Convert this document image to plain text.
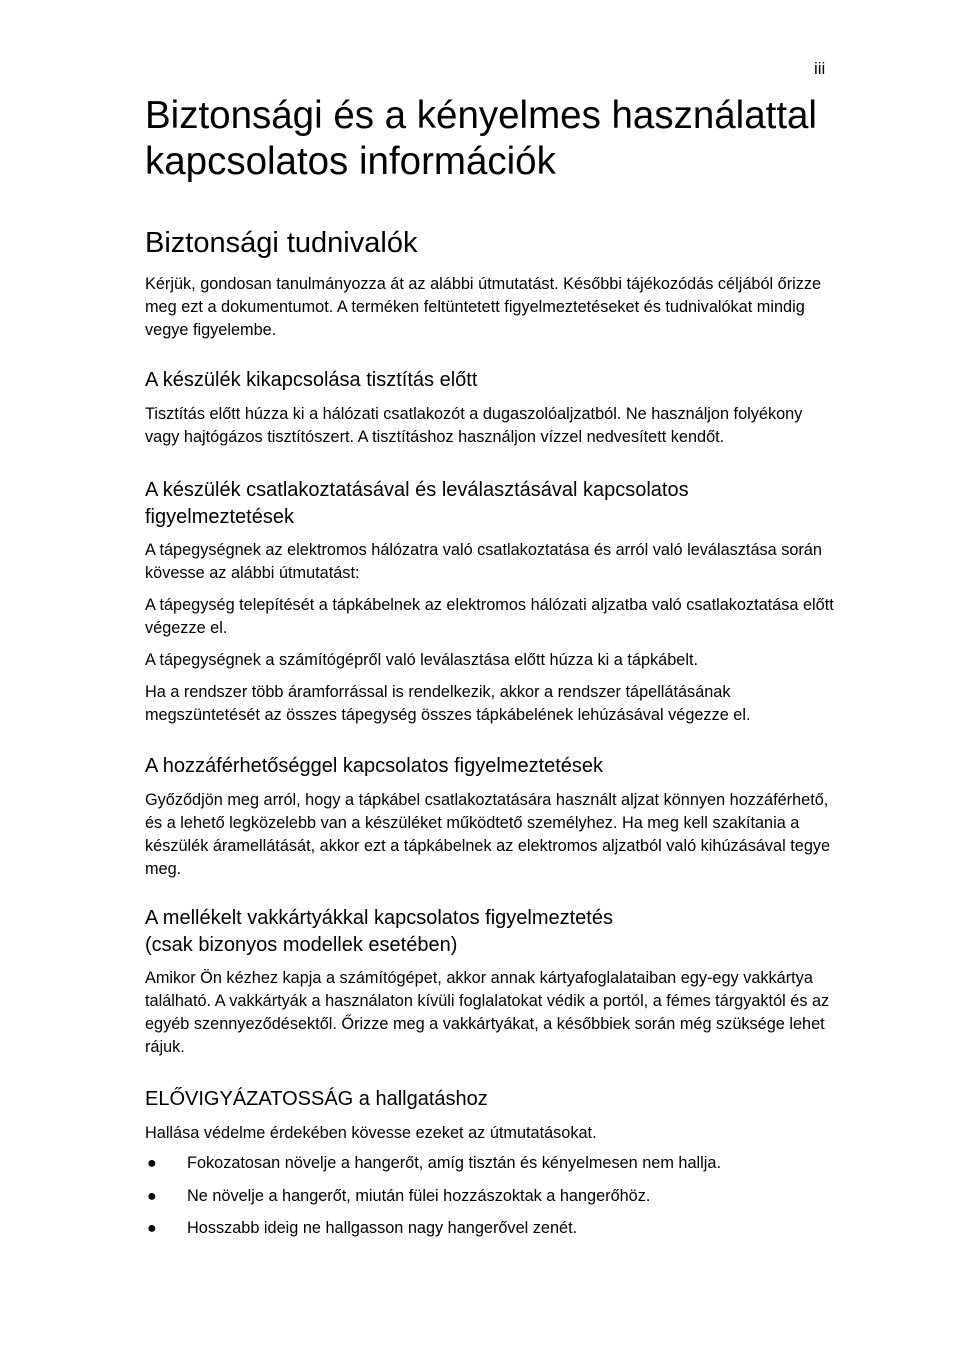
iii
Biztonsági és a kényelmes használattal kapcsolatos információk
Biztonsági tudnivalók

Kérjük, gondosan tanulmányozza át az alábbi útmutatást. Későbbi tájékozódás céljából őrizze meg ezt a dokumentumot. A terméken feltüntetett figyelmeztetéseket és tudnivalókat mindig vegye figyelembe.

A készülék kikapcsolása tisztítás előtt

Tisztítás előtt húzza ki a hálózati csatlakozót a dugaszolóaljzatból. Ne használjon folyékony vagy hajtógázos tisztítószert. A tisztításhoz használjon vízzel nedvesített kendőt.

A készülék csatlakoztatásával és leválasztásával kapcsolatos figyelmeztetések

A tápegységnek az elektromos hálózatra való csatlakoztatása és arról való leválasztása során kövesse az alábbi útmutatást:

A tápegység telepítését a tápkábelnek az elektromos hálózati aljzatba való csatlakoztatása előtt végezze el.

A tápegységnek a számítógépről való leválasztása előtt húzza ki a tápkábelt.

Ha a rendszer több áramforrással is rendelkezik, akkor a rendszer tápellátásának megszüntetését az összes tápegység összes tápkábelének lehúzásával végezze el.

A hozzáférhetőséggel kapcsolatos figyelmeztetések

Győződjön meg arról, hogy a tápkábel csatlakoztatására használt aljzat könnyen hozzáférhető, és a lehető legközelebb van a készüléket működtető személyhez. Ha meg kell szakítania a készülék áramellátását, akkor ezt a tápkábelnek az elektromos aljzatból való kihúzásával tegye meg.

A mellékelt vakkártyákkal kapcsolatos figyelmeztetés
(csak bizonyos modellek esetében)

Amikor Ön kézhez kapja a számítógépet, akkor annak kártyafoglalataiban egy-egy vakkártya található. A vakkártyák a használaton kívüli foglalatokat védik a portól, a fémes tárgyaktól és az egyéb szennyeződésektől. Őrizze meg a vakkártyákat, a későbbiek során még szüksége lehet rájuk.

ELŐVIGYÁZATOSSÁG a hallgatáshoz

Hallása védelme érdekében kövesse ezeket az útmutatásokat.

● Fokozatosan növelje a hangerőt, amíg tisztán és kényelmesen nem hallja.
● Ne növelje a hangerőt, miután fülei hozzászoktak a hangerőhöz.
● Hosszabb ideig ne hallgasson nagy hangerővel zenét.
